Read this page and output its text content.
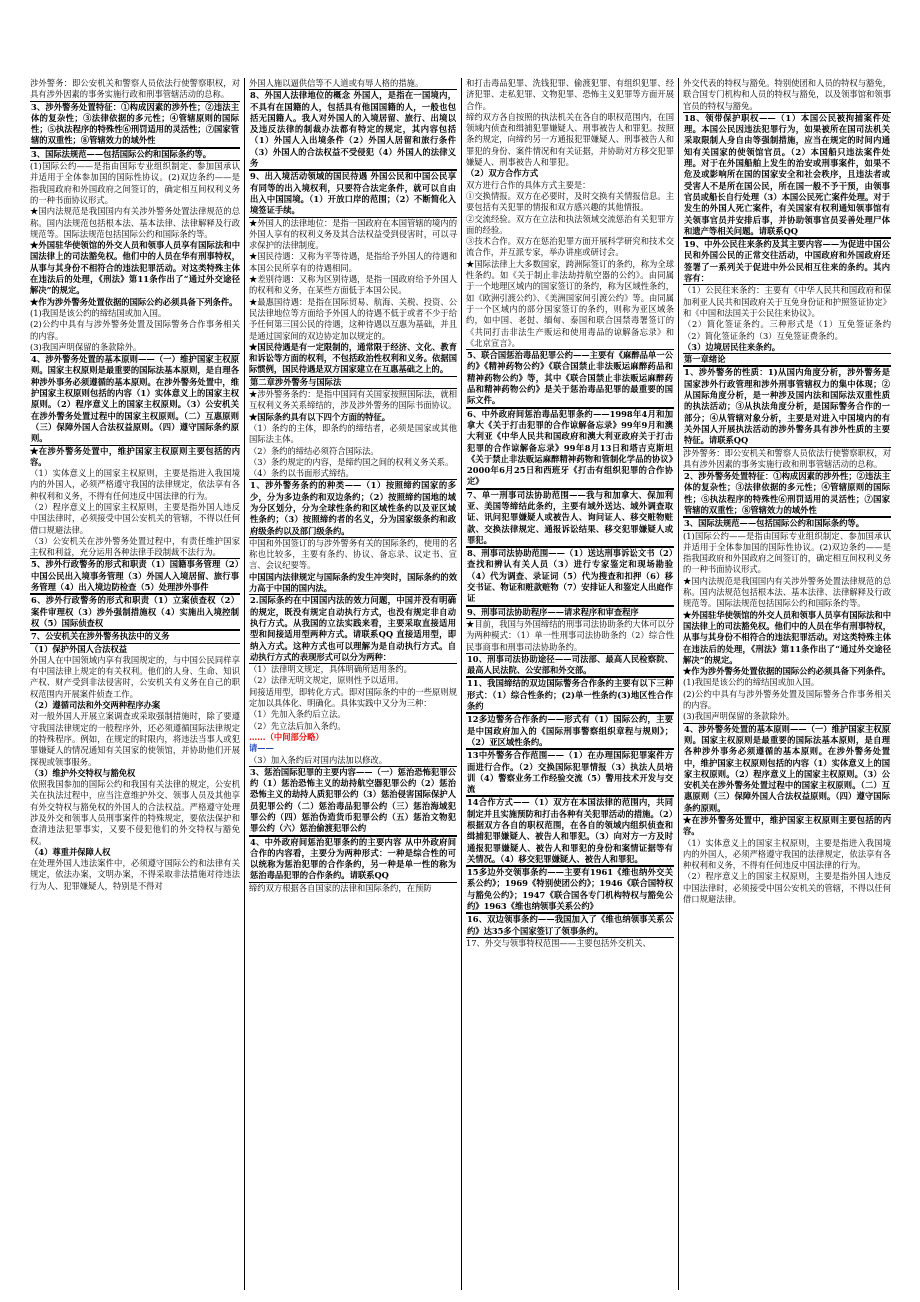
涉外警务：即公安机关和警察人员依法行使警察职权，对具有涉外因素的事务实施行政和刑事管辖活动的总称。

3、涉外警务处置特征：①构成因素的涉外性；②违法主体的复杂性；③法律依据的多元性；④管辖原则的国际性；⑤执法程序的特殊性⑥刑罚适用的灵活性；⑦国家管辖的双重性；⑧管辖效力的域外性

3、国际法规范——包括国际公约和国际条约等。

(1)国际公约——是指由国际专业组织制定、参加国承认并适用于全体参加国的国际性协议。(2)双边条约——是指我国政府和外国政府之间签订的，确定相互间权利义务的一种书面协议形式。

★国内法规范是我国国内有关涉外警务处置法律规范的总称。国内法规范包括根本法、基本法律、法律解释及行政规范等。国际法规范包括国际公约和国际条约等。

★外国驻华使领馆的外交人员和领事人员享有国际法和中国法律上的司法豁免权。他们中的人员在华有刑事特权，从事与其身份不相符合的违法犯罪活动。对这类特殊主体在违法后的处理，《刑法》第11条作出了“通过外交途径解决”的规定。

★作为涉外警务处置依据的国际公约必须具备下列条件。

(1)我国是该公约的缔结国或加入国。

(2)公约中具有与涉外警务处置及国际警务合作事务相关的内容。

(3)我国声明保留的条款除外。

4、涉外警务处置的基本原则——（一）维护国家主权原则。国家主权原则是最重要的国际法基本原则，是自理各种涉外事务必须遵循的基本原则。在涉外警务处置中，维护国家主权原则包括的内容（1）实体意义上的国家主权原则。（2）程序意义上的国家主权原则。（3）公安机关在涉外警务处置过程中的国家主权原则。（二）互惠原则（三）保障外国人合法权益原则。（四）遵守国际条约原则。

★在涉外警务处置中，维护国家主权原则主要包括的内容。

（1）实体意义上的国家主权原则，主要是指进入我国境内的外国人，必须严格遵守我国的法律规定，依法享有各种权利和义务，不得有任何违反中国法律的行为。

（2）程序意义上的国家主权原则，主要是指外国人违反中国法律时，必须接受中国公安机关的管辖，不得以任何借口规避法律。

（3）公安机关在涉外警务处置过程中，有责任维护国家主权和利益，充分运用各种法律手段制裁不法行为。

5、涉外行政警务的形式和职责（1）国籍事务管理（2）中国公民出入境事务管理（3）外国人入境居留、旅行事务管理（4）出入境边防检查（5）处理涉外事件

6、涉外行政警务的形式和职责（1）立案侦查权（2）案件审理权（3）涉外强制措施权（4）实施出入境控制权（5）国际侦查权

7、公安机关在涉外警务执法中的义务

（1）保护外国人合法权益

外国人在中国领域内享有我国规定的，与中国公民同样享有中国法律上规定的有关权利。他们的人身、生命、知识产权、财产受到非法侵害时，公安机关有义务在自己的职权范围内开展案件侦查工作。

（2）遵循司法和外交两种程序办案

对一般外国人开展立案调查或采取强制措施时，除了要遵守我国法律规定的一般程序外，还必须遵循国际法律规定的特殊程序。例如，在规定的时限内，将违法当事人或犯罪嫌疑人的情况通知有关国家的使领馆，并协助他们开展探视或领事服务。

（3）维护外交特权与豁免权

依照我国参加的国际公约和我国有关法律的规定，公安机关在执法过程中，应当注意维护外交、领事人员及其他享有外交特权与豁免权的外国人的合法权益。严格遵守处理涉及外交和领事人员刑事案件的特殊规定，要依法保护和查清违法犯罪事实，又要不侵犯他们的外交特权与豁免权。

（4）尊重并保障人权

在处理外国人违法案件中，必须遵守国际公约和法律有关规定，依法办案，文明办案，不得采取非法措施对待违法行为人、犯罪嫌疑人，特别是不得对

外国人施以逼供信等不人道或有辱人格的措施。

8、外国人法律地位的概念 外国人，是指在一国境内，不具有在国籍的人，包括具有他国国籍的人，一般也包括无国籍人。我人对外国人的入境居留、旅行、出境以及违反法律的制裁办法都有特定的规定，其内容包括（1）外国人入出境条件（2）外国人居留和旅行条件（3）外国人的合法权益不受侵犯（4）外国人的法律义务

9、出入境活动领域的国民待遇 外国公民和中国公民享有同等的出入境权利，只要符合法定条件，就可以自由出入中国国境。（1）开放口岸的范围；（2）不断简化入境签证手续。

★外国人的法律地位：是指一国政府在本国管辖的境内的外国人享有的权利义务及其合法权益受到侵害时，可以寻求保护的法律制度。

★国民待遇：又称为平等待遇，是指给予外国人的待遇和本国公民所享有的待遇相同。

★差别待遇：又称为区别待遇，是指一国政府给予外国人的权利和义务，在某些方面低于本国公民。

★最惠国待遇：是指在国际贸易、航海、关税、投资、公民法律地位等方面给予外国人的待遇不低于或者不少于给予任何第三国公民的待遇，这种待遇以互惠为基础，并且是通过国家间的双边协定加以规定的。

★国民待遇是有一定限制的，通常限于经济、文化、教育和诉讼等方面的权利，不包括政治性权利和义务。依据国际惯例，国民待遇是双方国家建立在互惠基础之上的。

第二章涉外警务与国际法

★涉外警务条约：是指中国同有关国家按照国际法，就相互权利义务关系缔结的，涉及涉外警务的国际书面协议。

★国际条约具有以下四个方面的特征。

（1）条约的主体，即条约的缔结者，必须是国家或其他国际法主体。

（2）条约的缔结必须符合国际法。

（3）条约规定的内容，是缔约国之间的权利义务关系。

（4）条约以书面形式缔结。

1、涉外警务条约的种类——（1）按照缔约国家的多少，分为多边条约和双边条约；（2）按照缔约国地的域为分区划分，分为全球性条约和区域性条约以及亚区域性条约；（3）按照缔约者的名义，分为国家级条约和政府级条约以及部门级条约。

中国和外国签订的与涉外警务有关的国际条约，使用的名称也比较多，主要有条约、协议、备忘录、议定书、宣言、会议纪要等。

中国国内法律规定与国际条约发生冲突时，国际条约的效力高于中国的国内法。

2.国际条约在中国国内法的效力问题，中国并没有明确的规定，既没有规定自动执行方式，也没有规定非自动执行方式。从我国的立法实践来看，主要采取直接适用型和间接适用型两种方式。请联系QQ 直接适用型，即纳入方式。这种方式也可以理解为是自动执行方式。自动执行方式的表现形式可以分为两种：

（1）法律明文规定，具体明确所适用条约。

（2）法律无明文规定，原则性予以适用。

间接适用型，即转化方式。即对国际条约中的一些原则规定加以具体化、明确化。具体实践中又分为三种：

（1）先加入条约后立法。

（2）先立法后加入条约。

……（中间部分略）

请——

（3）加入条约后对国内法加以修改。

3、惩治国际犯罪的主要内容——（一）惩治恐怖犯罪公约（1）惩治恐怖主义的劫持航空器犯罪公约（2）惩治恐怖主义的劫持人质犯罪公约（3）惩治侵害国际保护人员犯罪公约（二）惩治毒品犯罪公约（三）惩治海域犯罪公约（四）惩治伪造货币犯罪公约（五）惩治文物犯罪公约（六）惩治偷渡犯罪公约

4、中外政府间惩治犯罪条约的主要内容 从中外政府间合作的内容看，主要分为两种形式：一种是综合性的可以统称为惩治犯罪的合作条约，另一种是单一性的称为惩治毒品犯罪的合作条约。请联系QQ

缔约双方根据各自国家的法律和国际条约，在预防

和打击毒品犯罪、洗钱犯罪、偷渡犯罪、有组织犯罪、经济犯罪、走私犯罪、文物犯罪、恐怖主义犯罪等方面开展合作。

缔约双方各自按照的执法机关在各自的职权范围内，在国领域内侦查和缉捕犯罪嫌疑人、刑事被告人和罪犯。按照条约规定，向缔约另一方通报犯罪嫌疑人、刑事被告人和罪犯的身份、案件情况和有关证据，并协助对方移交犯罪嫌疑人、刑事被告人和罪犯。

（2）双方合作方式

双方进行合作的具体方式主要是：

①交换情报。双方在必要时，及时交换有关情报信息。主要包括有关犯罪的情报和双方感兴趣的其他情报。

②交流经验。双方在立法和执法领域交流惩治有关犯罪方面的经验。

③技术合作。双方在惩治犯罪方面开展科学研究和技术交流合作，并互派专家，举办讲座或研讨会。

★国际法律上大多数国家，跨洲际签订的条约，称为全球性条约。如《关于制止非法劫持航空器的公约》。由同属于一个地理区域内的国家签订的条约，称为区域性条约，如《欧洲引渡公约》、《美洲国家间引渡公约》等。由同属于一个区域内的部分国家签订的条约，则称为亚区域条约，如中国、老挝、缅甸、泰国和联合国禁毒署签订的《共同打击非法生产贩运和使用毒品的谅解备忘录》和《北京宣言》。

5、联合国惩治毒品犯罪公约——主要有《麻醉品单一公约》《精神药物公约》《联合国禁止非法贩运麻醉药品和精神药物公约》等，其中《联合国禁止非法贩运麻醉药品和精神药物公约》是关于惩治毒品犯罪的最重要的国际文件。

6、中外政府间惩治毒品犯罪条约——1998年4月和加拿大《关于打击犯罪的合作谅解备忘录》99年9月和澳大利亚《中华人民共和国政府和澳大利亚政府关于打击犯罪的合作谅解备忘录》99年8月13日和塔吉克斯坦《关于禁止非法贩运麻醉精神药物和管制化学品的协议》2000年6月25日和西班牙《打击有组织犯罪的合作协定》

7、单一刑事司法协助范围——我与和加拿大、保加利亚、美国等缔结此条约，主要有域外送达、域外调查取证、讯问犯罪嫌疑人或被告人、询问证人、移交赃物赃款、交换法律规定、通报诉讼结果、移交犯罪嫌疑人或罪犯。

8、刑事司法协助范围——（1）送达刑事诉讼文书（2）查找和辨认有关人员（3）进行专家鉴定和现场勘验（4）代为调查、录证词（5）代为搜查和扣押（6）移交书证、物证和赃款赃物（7）安排证人和鉴定人出庭作证

9、刑事司法协助程序——请求程序和审查程序

★目前，我国与外国缔结的刑事司法协助条约大体可以分为两种模式：（1）单一性刑事司法协助条约（2）综合性民事商事和刑事司法协助条约。

10、刑事司法协助途径——司法部、最高人民检察院、最高人民法院、公安部和外交部。

11、我国缔结的双边国际警务合作条约主要有以下三种形式：（1）综合性条约；(2)单一性条约(3)地区性合作条约

12多边警务合作条约——形式有（1）国际公约，主要是中国政府加入的《国际刑事警察组织章程与规则》；（2）亚区域性条约。

13中外警务合作范围——（1）在办理国际犯罪案件方面进行合作。（2）交换国际犯罪情报（3）执法人员培训（4）警察业务工作经验交流（5）警用技术开发与交流

14合作方式——（1）双方在本国法律的范围内，共同制定并且实施预防和打击各种有关犯罪活动的措施。（2）根据双方各自的职权范围，在各自的领域内组织侦查和缉捕犯罪嫌疑人、被告人和罪犯。（3）向对方一方及时通报犯罪嫌疑人、被告人和罪犯的身份和案情证据等有关情况。（4）移交犯罪嫌疑人、被告人和罪犯。

15多边外交领事条约——主要有1961《维也纳外交关系公约》；1969《特别使团公约》；1946《联合国特权与豁免公约》；1947《联合国各专门机构特权与豁免公约》1963《维也纳领事关系公约》

16、双边领事条约——我国加入了《维也纳领事关系公约》达35多个国家签订了领事条约。

17、外交与领事特权范围——主要包括外交机关、

外交代表的特权与豁免。特别使团和人员的特权与豁免，联合国专门机构和人员的特权与豁免，以及领事馆和领事官员的特权与豁免。

18、领带保护职权——（1）本国公民被拘捕案件处理。本国公民因违法犯罪行为，如果被所在国司法机关采取限制人身自由等强制措施，应当在规定的时间内通知有关国家的使领馆官员。（2）本国船只违法案件处理。对于在外国船舶上发生的治安或刑事案件，如果不危及或影响所在国的国家安全和社会秩序，且违法者或受害人不是所在国公民，所在国一般不予干预，由领事官员或船长自行处理（3）本国公民死亡案件处理。对于发生的外国人死亡案件，有关国家有权利通知领事馆有关领事官员并安排后事，并协助领事官员妥善处理尸体和遗产等相关问题。请联系QQ

19、中外公民往来条约及其主要内容——为促进中国公民和外国公民的正常交往活动，中国政府和外国政府还签署了一系列关于促进中外公民相互往来的条约。其内容有：

（1）公民往来条约：主要有《中华人民共和国政府和保加利亚人民共和国政府关于互免身份证和护照签证协定》和《中国和法国关于公民往来协议》。

（2）简化签证条约。三种形式是（1）互免签证条约（2）简化签证条约（3）互免签证费条约。

（3）边境居民往来条约。

第一章绪论

1、涉外警务的性质：1)从国内角度分析，涉外警务是国家涉外行政管理和涉外刑事管辖权力的集中体现；②从国际角度分析，是一种涉及国内法和国际法双重性质的执法活动；③从执法角度分析，是国际警务合作的一部分；④从管辖对象分析，主要是对进入中国境内的有关外国人开展执法活动的涉外警务具有涉外性质的主要特征。请联系QQ

涉外警务：即公安机关和警察人员依法行使警察职权，对具有涉外因素的事务实施行政和刑事管辖活动的总称。

2、涉外警务处置特征：①构成因素的涉外性；②违法主体的复杂性；③法律依据的多元性；④管辖原则的国际性；⑤执法程序的特殊性⑥刑罚适用的灵活性；⑦国家管辖的双重性；⑧管辖效力的域外性

3、国际法规范——包括国际公约和国际条约等。

(1)国际公约——是指由国际专业组织制定、参加国承认并适用于全体参加国的国际性协议。(2)双边条约——是指我国政府和外国政府之间签订的，确定相互间权利义务的一种书面协议形式。

★国内法规范是我国国内有关涉外警务处置法律规范的总称。国内法规范包括根本法、基本法律、法律解释及行政规范等。国际法规范包括国际公约和国际条约等。

★外国驻华使领馆的外交人员和领事人员享有国际法和中国法律上的司法豁免权。他们中的人员在华有刑事特权，从事与其身份不相符合的违法犯罪活动。对这类特殊主体在违法后的处理，《刑法》第11条作出了“通过外交途径解决”的规定。

★作为涉外警务处置依据的国际公约必须具备下列条件。

(1)我国是该公约的缔结国或加入国。

(2)公约中具有与涉外警务处置及国际警务合作事务相关的内容。

(3)我国声明保留的条款除外。

4、涉外警务处置的基本原则——（一）维护国家主权原则。国家主权原则是最重要的国际法基本原则，是自理各种涉外事务必须遵循的基本原则。在涉外警务处置中，维护国家主权原则包括的内容（1）实体意义上的国家主权原则。（2）程序意义上的国家主权原则。（3）公安机关在涉外警务处置过程中的国家主权原则。（二）互惠原则（三）保障外国人合法权益原则。（四）遵守国际条约原则。

★在涉外警务处置中，维护国家主权原则主要包括的内容。

（1）实体意义上的国家主权原则，主要是指进入我国境内的外国人，必须严格遵守我国的法律规定，依法享有各种权利和义务，不得有任何违反中国法律的行为。

（2）程序意义上的国家主权原则，主要是指外国人违反中国法律时，必须接受中国公安机关的管辖，不得以任何借口规避法律。
